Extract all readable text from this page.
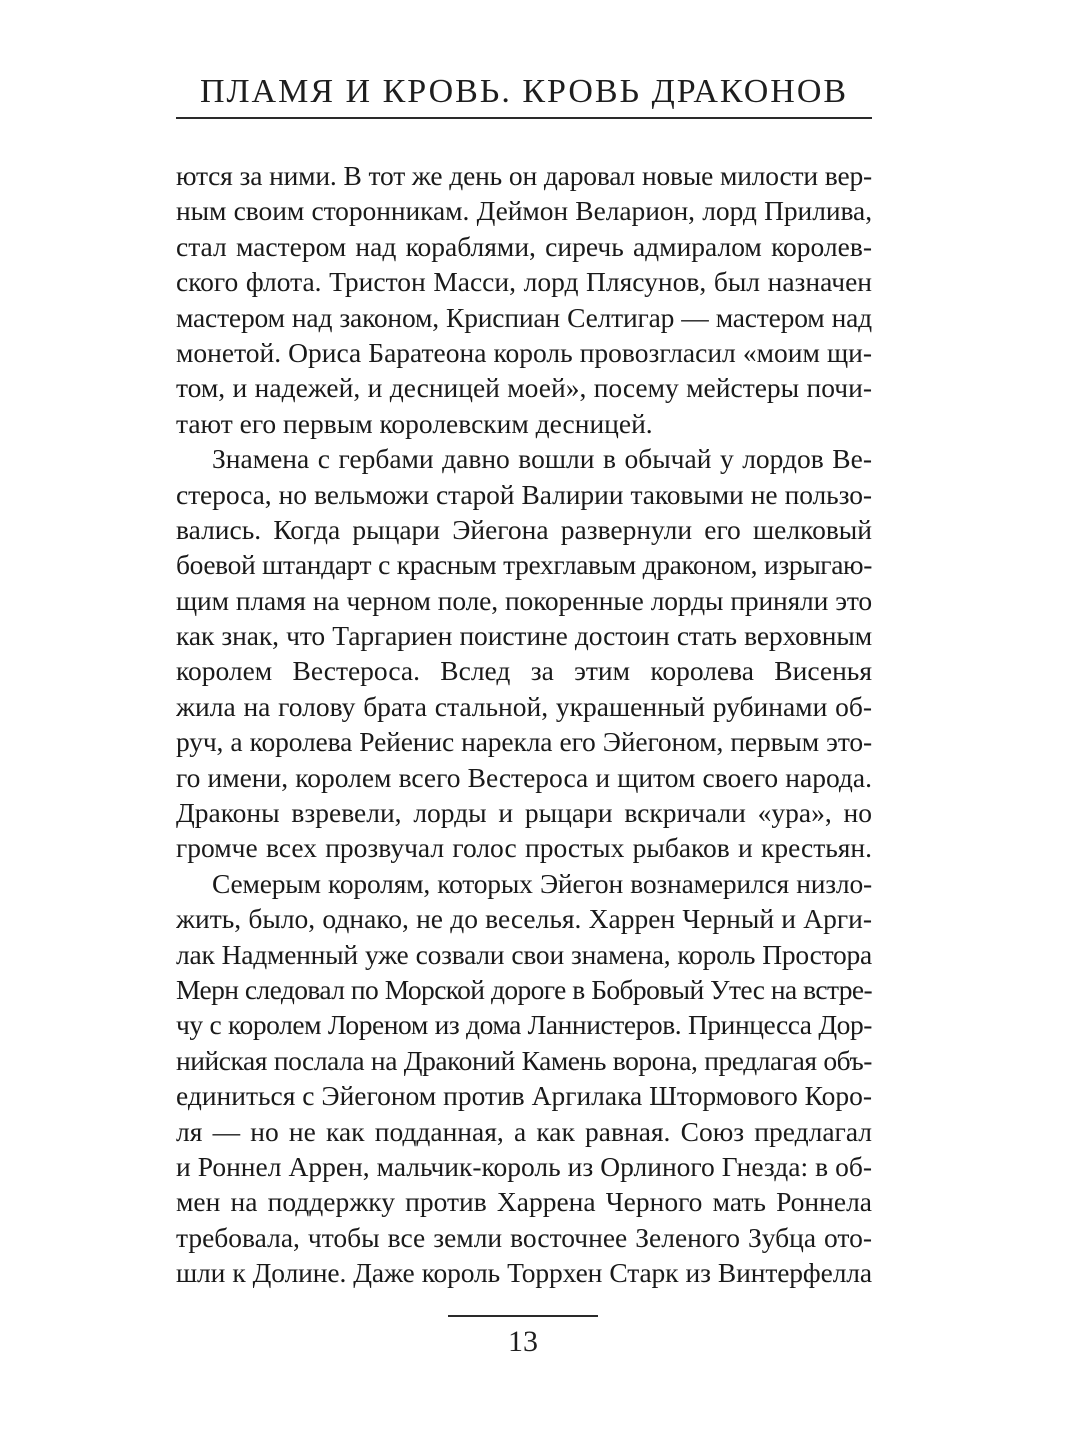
ПЛАМЯ И КРОВЬ. КРОВЬ ДРАКОНОВ

ются за ними. В тот же день он даровал новые милости вер-
ным своим сторонникам. Деймон Веларион, лорд Прилива,
стал мастером над кораблями, сиречь адмиралом королев-
ского флота. Тристон Масси, лорд Плясунов, был назначен
мастером над законом, Криспиан Селтигар — мастером над
монетой. Ориса Баратеона король провозгласил «моим щи-
том, и надежей, и десницей моей», посему мейстеры почи-
тают его первым королевским десницей.

Знамена с гербами давно вошли в обычай у лордов Ве-
стероса, но вельможи старой Валирии таковыми не пользо-
вались. Когда рыцари Эйегона развернули его шелковый
боевой штандарт с красным трехглавым драконом, изрыгаю-
щим пламя на черном поле, покоренные лорды приняли это
как знак, что Таргариен поистине достоин стать верховным
королем Вестероса. Вслед за этим королева Висенья
жила на голову брата стальной, украшенный рубинами об-
руч, а королева Рейенис нарекла его Эйегоном, первым это-
го имени, королем всего Вестероса и щитом своего народа.
Драконы взревели, лорды и рыцари вскричали «ура», но
громче всех прозвучал голос простых рыбаков и крестьян.

Семерым королям, которых Эйегон вознамерился низло-
жить, было, однако, не до веселья. Харрен Черный и Арги-
лак Надменный уже созвали свои знамена, король Простора
Мерн следовал по Морской дороге в Бобровый Утес на встре-
чу с королем Лореном из дома Ланнистеров. Принцесса Дор-
нийская послала на Драконий Камень ворона, предлагая объ-
единиться с Эйегоном против Аргилака Штормового Коро-
ля — но не как подданная, а как равная. Союз предлагал
и Роннел Аррен, мальчик-король из Орлиного Гнезда: в об-
мен на поддержку против Харрена Черного мать Роннела
требовала, чтобы все земли восточнее Зеленого Зубца ото-
шли к Долине. Даже король Торрхен Старк из Винтерфелла

13
